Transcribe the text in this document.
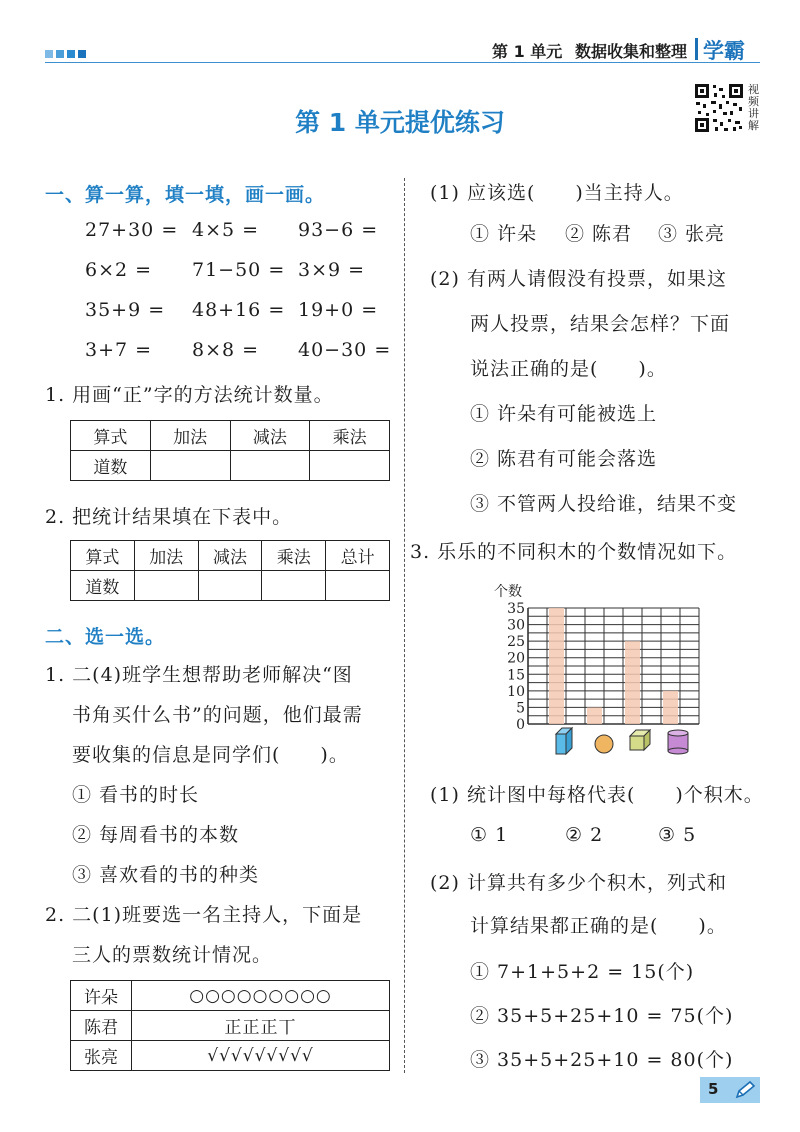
第 1 单元 数据收集和整理 学霸
视频讲解
第 1 单元提优练习
一、算一算，填一填，画一画。
27+30 = 4×5 = 93−6 =
6×2 = 71−50 = 3×9 =
35+9 = 48+16 = 19+0 =
3+7 = 8×8 = 40−30 =
1. 用画“正”字的方法统计数量。
算式	加法	减法	乘法
道数			
2. 把统计结果填在下表中。
算式	加法	减法	乘法	总计
道数				
二、选一选。
1. 二(4)班学生想帮助老师解决“图
书角买什么书”的问题，他们最需
要收集的信息是同学们(　　)。
① 看书的时长
② 每周看书的本数
③ 喜欢看的书的种类
2. 二(1)班要选一名主持人，下面是
三人的票数统计情况。
许朵	○○○○○○○○○
陈君	正正正丅
张亮	√√√√√√√√√
(1) 应该选(　　)当主持人。
① 许朵 ② 陈君 ③ 张亮
(2) 有两人请假没有投票，如果这
两人投票，结果会怎样？下面
说法正确的是(　　)。
① 许朵有可能被选上
② 陈君有可能会落选
③ 不管两人投给谁，结果不变
3. 乐乐的不同积木的个数情况如下。
个数
0
5
10
15
20
25
30
35
(1) 统计图中每格代表(　　)个积木。
① 1	② 2	③ 5
(2) 计算共有多少个积木，列式和
计算结果都正确的是(　　)。
① 7+1+5+2 = 15(个)
② 35+5+25+10 = 75(个)
③ 35+5+25+10 = 80(个)
5
